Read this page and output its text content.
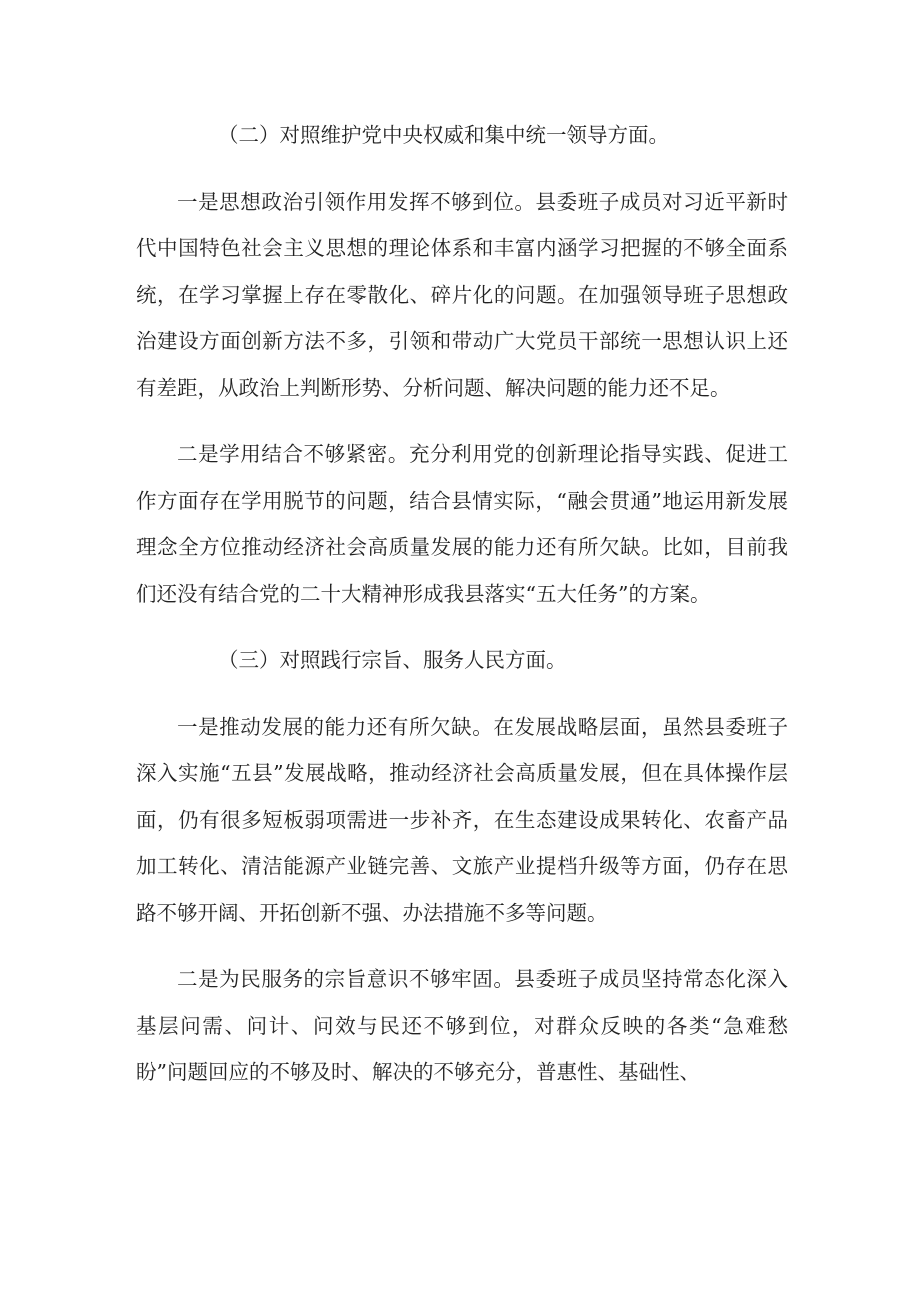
（二）对照维护党中央权威和集中统一领导方面。

一是思想政治引领作用发挥不够到位。县委班子成员对习近平新时代中国特色社会主义思想的理论体系和丰富内涵学习把握的不够全面系统，在学习掌握上存在零散化、碎片化的问题。在加强领导班子思想政治建设方面创新方法不多，引领和带动广大党员干部统一思想认识上还有差距，从政治上判断形势、分析问题、解决问题的能力还不足。

二是学用结合不够紧密。充分利用党的创新理论指导实践、促进工作方面存在学用脱节的问题，结合县情实际，“融会贯通”地运用新发展理念全方位推动经济社会高质量发展的能力还有所欠缺。比如，目前我们还没有结合党的二十大精神形成我县落实“五大任务”的方案。

（三）对照践行宗旨、服务人民方面。

一是推动发展的能力还有所欠缺。在发展战略层面，虽然县委班子深入实施“五县”发展战略，推动经济社会高质量发展，但在具体操作层面，仍有很多短板弱项需进一步补齐，在生态建设成果转化、农畜产品加工转化、清洁能源产业链完善、文旅产业提档升级等方面，仍存在思路不够开阔、开拓创新不强、办法措施不多等问题。

二是为民服务的宗旨意识不够牢固。县委班子成员坚持常态化深入基层问需、问计、问效与民还不够到位，对群众反映的各类“急难愁盼”问题回应的不够及时、解决的不够充分，普惠性、基础性、
